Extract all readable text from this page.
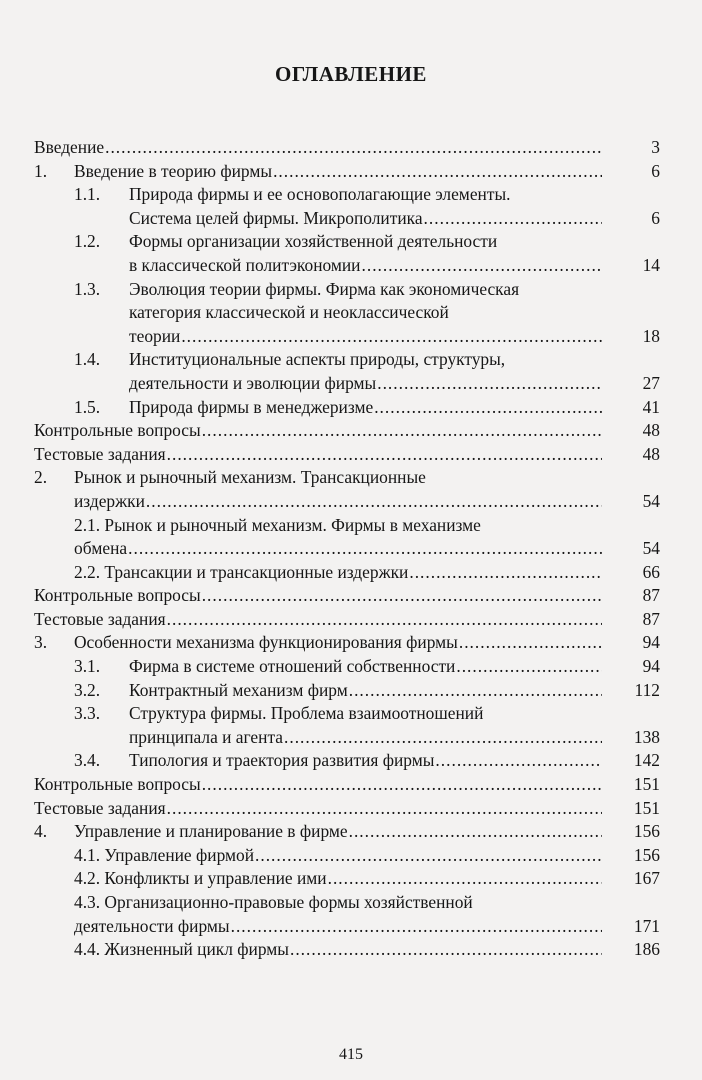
ОГЛАВЛЕНИЕ
Введение .....	3
1. Введение в теорию фирмы .....	6
1.1. Природа фирмы и ее основополагающие элементы.
Система целей фирмы. Микрополитика .....	6
1.2. Формы организации хозяйственной деятельности
в классической политэкономии .....	14
1.3. Эволюция теории фирмы. Фирма как экономическая
категория классической и неоклассической
теории .....	18
1.4. Институциональные аспекты природы, структуры,
деятельности и эволюции фирмы .....	27
1.5. Природа фирмы в менеджеризме .....	41
Контрольные вопросы .....	48
Тестовые задания .....	48
2. Рынок и рыночный механизм. Трансакционные
издержки .....	54
2.1. Рынок и рыночный механизм. Фирмы в механизме
обмена .....	54
2.2. Трансакции и трансакционные издержки .....	66
Контрольные вопросы .....	87
Тестовые задания .....	87
3. Особенности механизма функционирования фирмы .....	94
3.1. Фирма в системе отношений собственности .....	94
3.2. Контрактный механизм фирм .....	112
3.3. Структура фирмы. Проблема взаимоотношений
принципала и агента .....	138
3.4. Типология и траектория развития фирмы .....	142
Контрольные вопросы .....	151
Тестовые задания .....	151
4. Управление и планирование в фирме .....	156
4.1. Управление фирмой .....	156
4.2. Конфликты и управление ими .....	167
4.3. Организационно-правовые формы хозяйственной
деятельности фирмы .....	171
4.4. Жизненный цикл фирмы .....	186
415
